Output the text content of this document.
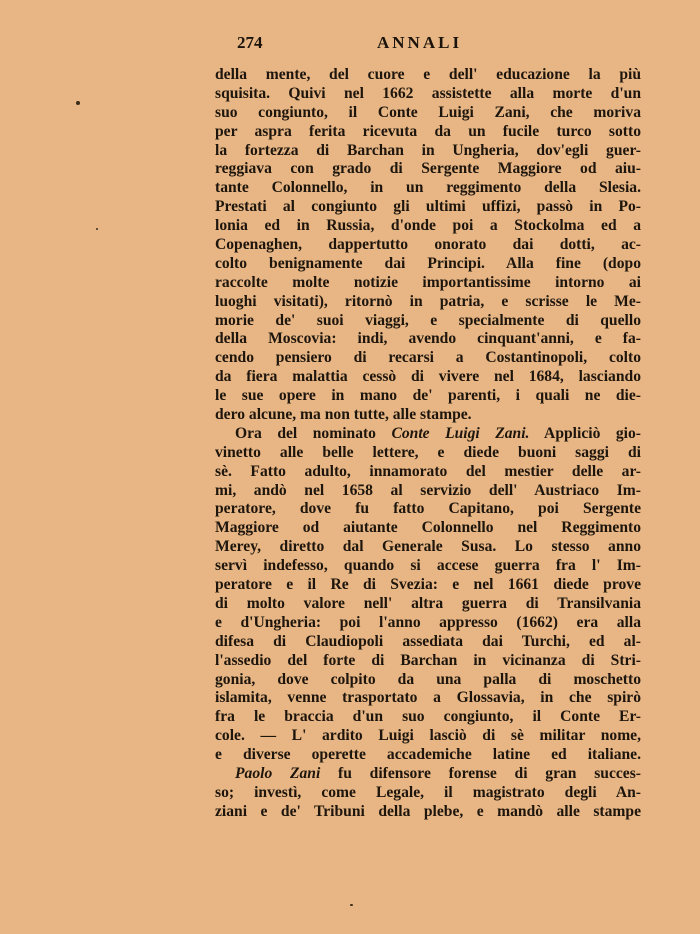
274	ANNALI
della mente, del cuore e dell' educazione la più
squisita. Quivi nel 1662 assistette alla morte d'un
suo congiunto, il Conte Luigi Zani, che moriva
per aspra ferita ricevuta da un fucile turco sotto
la fortezza di Barchan in Ungheria, dov'egli guer-
reggiava con grado di Sergente Maggiore od aiu-
tante Colonnello, in un reggimento della Slesia.
Prestati al congiunto gli ultimi uffizi, passò in Po-
lonia ed in Russia, d'onde poi a Stockolma ed a
Copenaghen, dappertutto onorato dai dotti, ac-
colto benignamente dai Principi. Alla fine (dopo
raccolte molte notizie importantissime intorno ai
luoghi visitati), ritornò in patria, e scrisse le Me-
morie de' suoi viaggi, e specialmente di quello
della Moscovia: indi, avendo cinquant'anni, e fa-
cendo pensiero di recarsi a Costantinopoli, colto
da fiera malattia cessò di vivere nel 1684, lasciando
le sue opere in mano de' parenti, i quali ne die-
dero alcune, ma non tutte, alle stampe.
Ora del nominato Conte Luigi Zani. Appliciò gio-
vinetto alle belle lettere, e diede buoni saggi di
sè. Fatto adulto, innamorato del mestier delle ar-
mi, andò nel 1658 al servizio dell' Austriaco Im-
peratore, dove fu fatto Capitano, poi Sergente
Maggiore od aiutante Colonnello nel Reggimento
Merey, diretto dal Generale Susa. Lo stesso anno
servì indefesso, quando si accese guerra fra l' Im-
peratore e il Re di Svezia: e nel 1661 diede prove
di molto valore nell' altra guerra di Transilvania
e d'Ungheria: poi l'anno appresso (1662) era alla
difesa di Claudiopoli assediata dai Turchi, ed al-
l'assedio del forte di Barchan in vicinanza di Stri-
gonia, dove colpito da una palla di moschetto
islamita, venne trasportato a Glossavia, in che spirò
fra le braccia d'un suo congiunto, il Conte Er-
cole. — L' ardito Luigi lasciò di sè militar nome,
e diverse operette accademiche latine ed italiane.
Paolo Zani fu difensore forense di gran succes-
so; investì, come Legale, il magistrato degli An-
ziani e de' Tribuni della plebe, e mandò alle stampe
